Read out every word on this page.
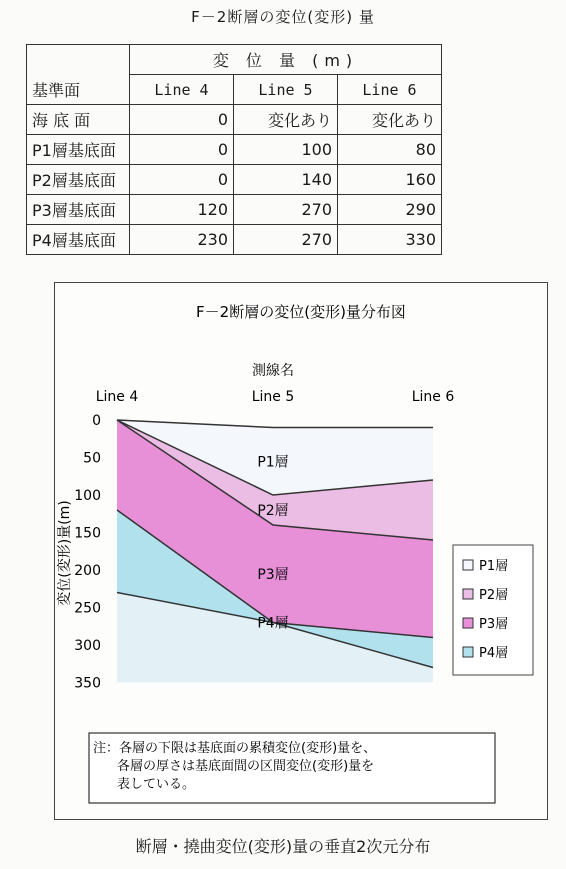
F－2断層の変位(変形) 量
	変 位 量 (m)		
基準面	Line 4	Line 5	Line 6
海 底 面	0	変化あり	変化あり
P1層基底面	0	100	80
P2層基底面	0	140	160
P3層基底面	120	270	290
P4層基底面	230	270	330
F－2断層の変位(変形)量分布図
測線名
変位(変形)量(m)
Line 4	Line 5	Line 6
0
50
100
150
200
250
300
350
P1層
P2層
P3層
P4層
P1層
P2層
P3層
P4層
注：各層の下限は基底面の累積変位(変形)量を、
各層の厚さは基底面間の区間変位(変形)量を
表している。
断層・撓曲変位(変形)量の垂直2次元分布
